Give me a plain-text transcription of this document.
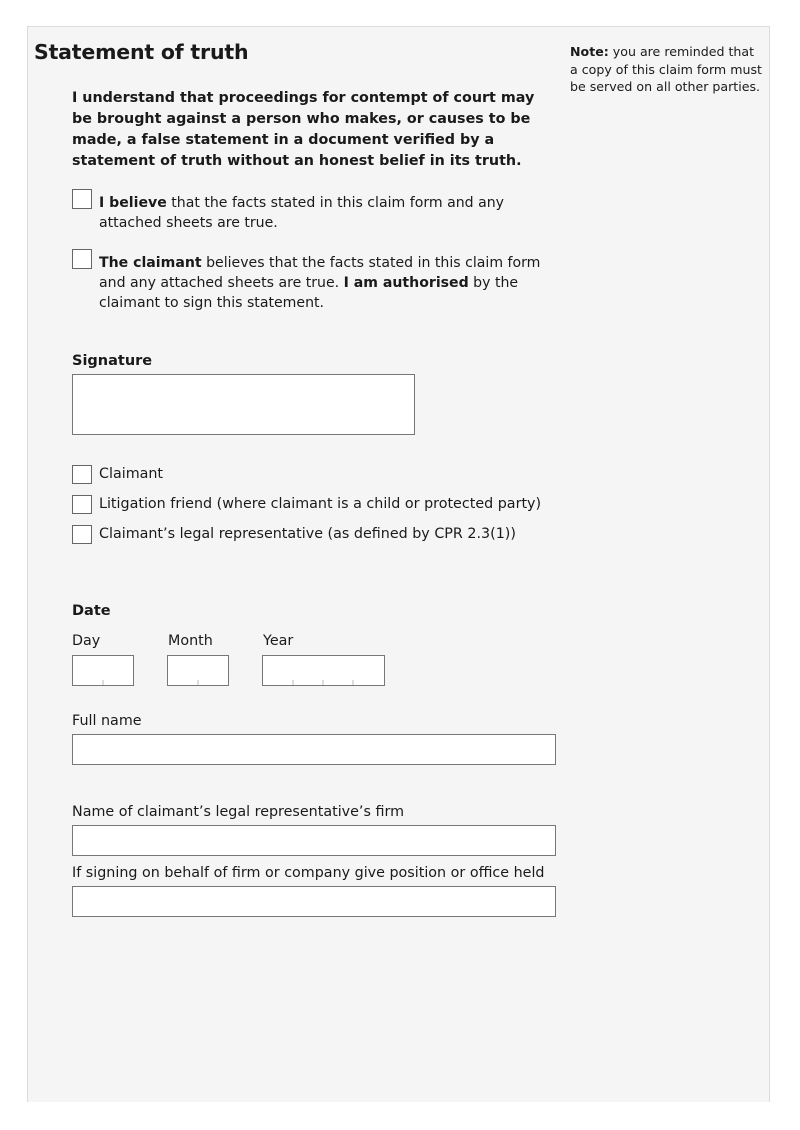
Statement of truth	Note: you are reminded that a copy of this claim form must be served on all other parties.
I understand that proceedings for contempt of court may be brought against a person who makes, or causes to be made, a false statement in a document verified by a statement of truth without an honest belief in its truth.
I believe that the facts stated in this claim form and any attached sheets are true.
The claimant believes that the facts stated in this claim form and any attached sheets are true. I am authorised by the claimant to sign this statement.
Signature
Claimant
Litigation friend (where claimant is a child or protected party)
Claimant’s legal representative (as defined by CPR 2.3(1))
Date
Day	Month	Year
Full name
Name of claimant’s legal representative’s firm
If signing on behalf of firm or company give position or office held
